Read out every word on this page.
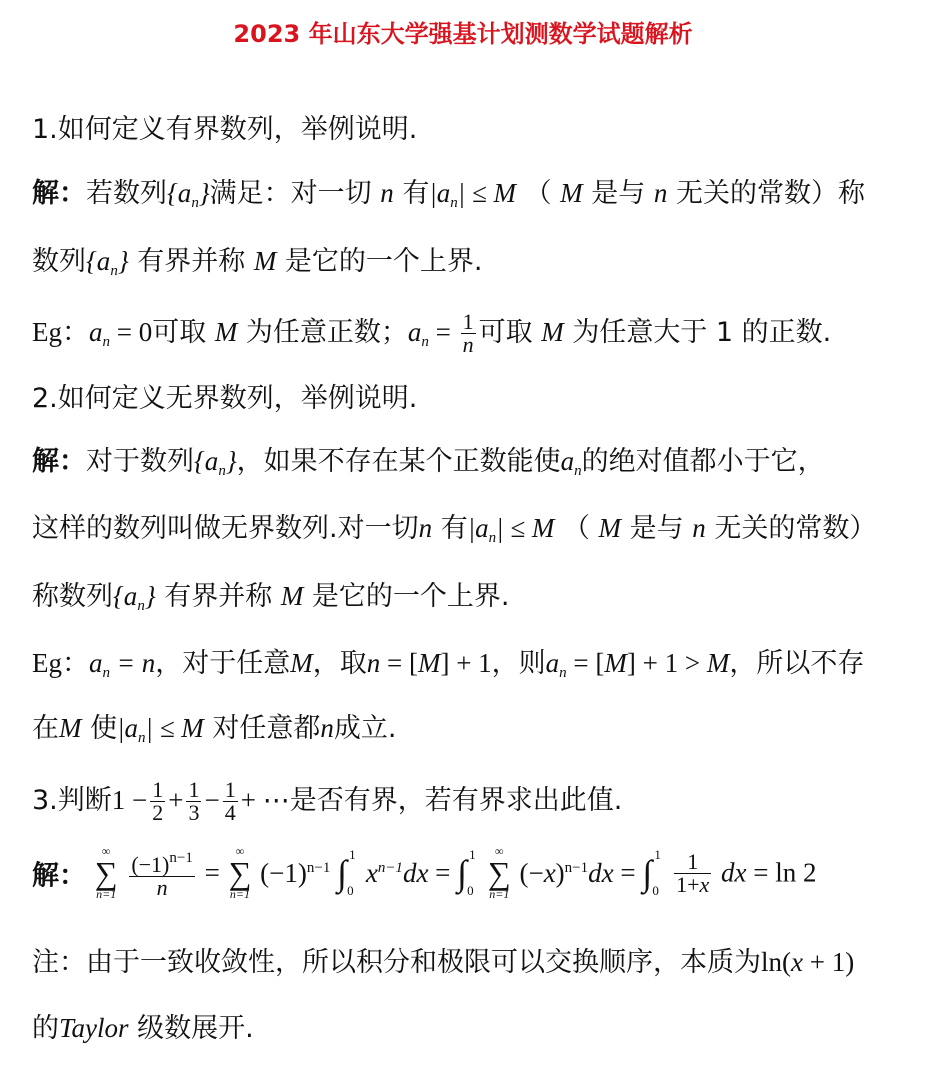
2023 年山东大学强基计划测数学试题解析
1.如何定义有界数列，举例说明.
解：若数列$\{a_n\}$满足：对一切 n 有$|a_n| \le M$ （ M 是与 n 无关的常数）称
数列$\{a_n\}$ 有界并称 M 是它的一个上界.
Eg：$a_n = 0$可取 M 为任意正数；$a_n = \frac{1}{n}$ 可取 M 为任意大于 1 的正数.
2.如何定义无界数列，举例说明.
解：对于数列$\{a_n\}$，如果不存在某个正数能使$a_n$的绝对值都小于它，
这样的数列叫做无界数列.对一切n 有$|a_n| \le M$ （ M 是与 n 无关的常数）
称数列$\{a_n\}$ 有界并称 M 是它的一个上界.
Eg：$a_n = n$，对于任意M，取n = [M] + 1，则$a_n = [M] + 1 > M$，所以不存
在M 使$|a_n| \le M$ 对任意都n成立.
3.判断$1 - \frac{1}{2} + \frac{1}{3} - \frac{1}{4}$ + ⋯是否有界，若有界求出此值.
解：
∞
∑
n=1
$\frac{(-1)^{n-1}}{n}$ =
∞
∑
n=1
$(-1)^{n-1}$ ∫ 1
0
$x^{n-1}dx$ = ∫ 1
0

∞
∑
n=1
$(-x)^{n-1}dx$ = ∫ 1
0
$\frac{1}{1+x}$ dx = ln 2
注：由于一致收敛性，所以积分和极限可以交换顺序，本质为ln(x + 1)
的Taylor 级数展开.
